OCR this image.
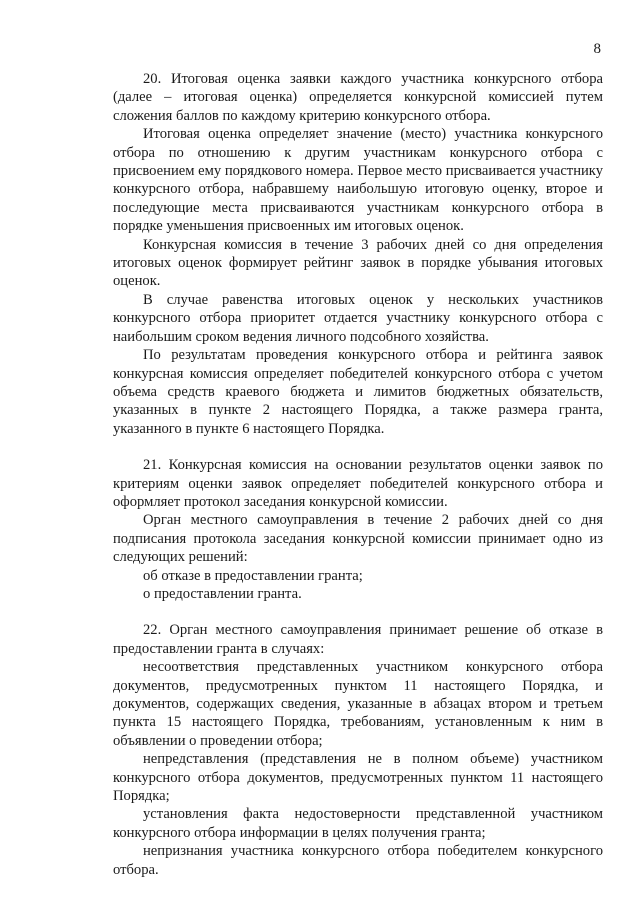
8

20. Итоговая оценка заявки каждого участника конкурсного отбора (далее – итоговая оценка) определяется конкурсной комиссией путем сложения баллов по каждому критерию конкурсного отбора.

Итоговая оценка определяет значение (место) участника конкурсного отбора по отношению к другим участникам конкурсного отбора с присвоением ему порядкового номера. Первое место присваивается участнику конкурсного отбора, набравшему наибольшую итоговую оценку, второе и последующие места присваиваются участникам конкурсного отбора в порядке уменьшения присвоенных им итоговых оценок.

Конкурсная комиссия в течение 3 рабочих дней со дня определения итоговых оценок формирует рейтинг заявок в порядке убывания итоговых оценок.

В случае равенства итоговых оценок у нескольких участников конкурсного отбора приоритет отдается участнику конкурсного отбора с наибольшим сроком ведения личного подсобного хозяйства.

По результатам проведения конкурсного отбора и рейтинга заявок конкурсная комиссия определяет победителей конкурсного отбора с учетом объема средств краевого бюджета и лимитов бюджетных обязательств, указанных в пункте 2 настоящего Порядка, а также размера гранта, указанного в пункте 6 настоящего Порядка.

21. Конкурсная комиссия на основании результатов оценки заявок по критериям оценки заявок определяет победителей конкурсного отбора и оформляет протокол заседания конкурсной комиссии.

Орган местного самоуправления в течение 2 рабочих дней со дня подписания протокола заседания конкурсной комиссии принимает одно из следующих решений:

об отказе в предоставлении гранта;

о предоставлении гранта.

22. Орган местного самоуправления принимает решение об отказе в предоставлении гранта в случаях:

несоответствия представленных участником конкурсного отбора документов, предусмотренных пунктом 11 настоящего Порядка, и документов, содержащих сведения, указанные в абзацах втором и третьем пункта 15 настоящего Порядка, требованиям, установленным к ним в объявлении о проведении отбора;

непредставления (представления не в полном объеме) участником конкурсного отбора документов, предусмотренных пунктом 11 настоящего Порядка;

установления факта недостоверности представленной участником конкурсного отбора информации в целях получения гранта;

непризнания участника конкурсного отбора победителем конкурсного отбора.
